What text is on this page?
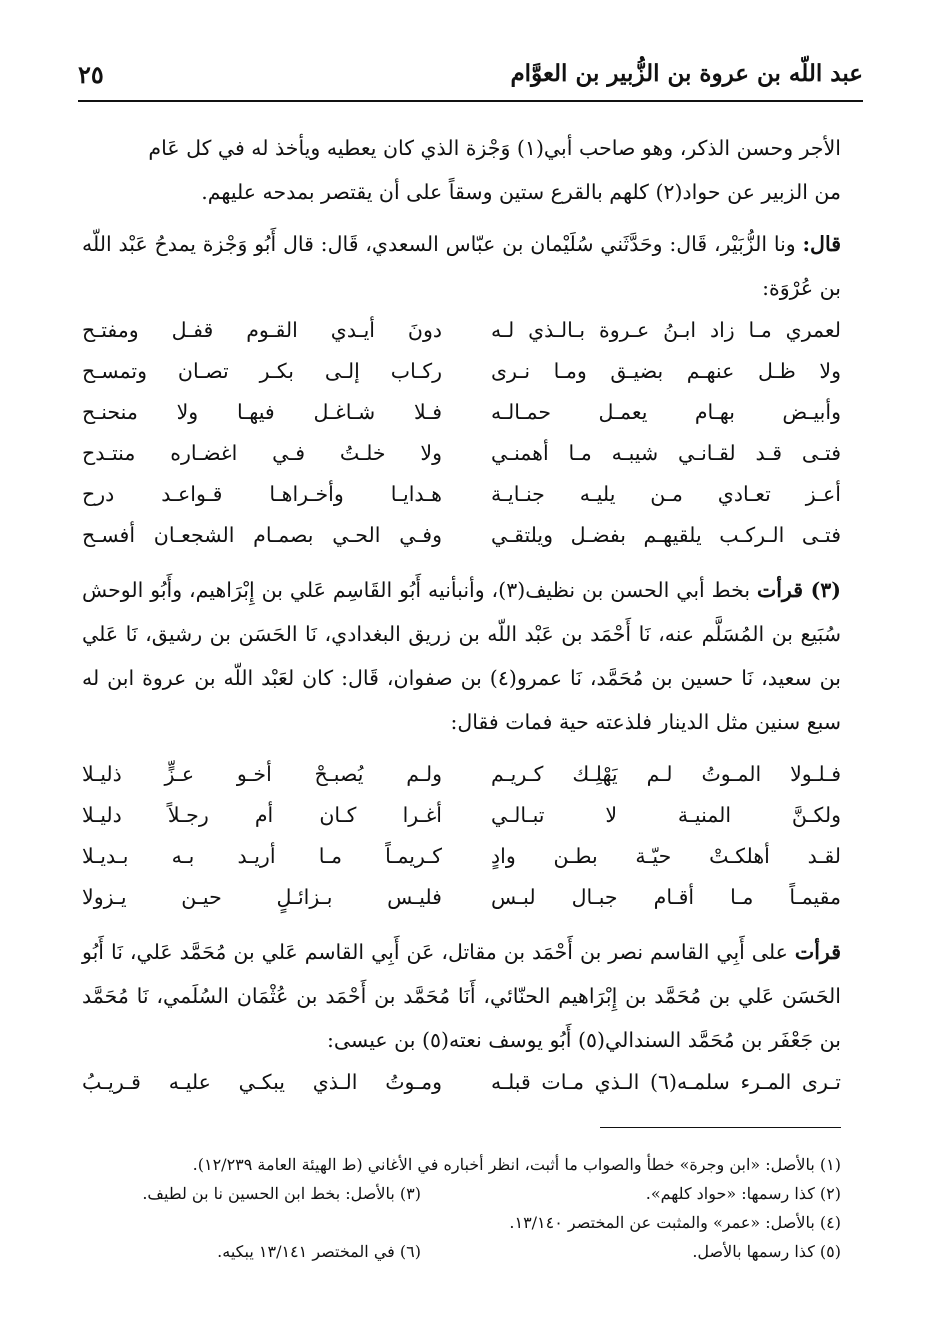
عبد اللّه بن عروة بن الزُّبير بن العوَّام
٢٥

الأجر وحسن الذكر، وهو صاحب أبي(١) وَجْزة الذي كان يعطيه ويأخذ له في كل عَام

من الزبير عن حواد(٢) كلهم بالقرع ستين وسقاً على أن يقتصر بمدحه عليهم.

قال: ونا الزُّبَيْر، قَال: وحَدَّثَني سُلَيْمان بن عبّاس السعدي، قَال: قال أَبُو وَجْزة يمدحُ عَبْد اللّه بن عُرْوَة:

لعمري مـا زاد ابـنُ عـروة بـالـذي لـه
دونَ أيـدي القـوم قفـل ومفتـح
ولا ظـل عنهـم بضيـق ومـا نـرى
ركـاب إلـى بكـر تصـان وتمسـح
وأبيـض بهـام يعمـل حمـالـه
فـلا شـاغـل فيهـا ولا منحنـح
فتـى قـد لقـانـي شيبـه مـا أهمنـي
ولا خلـتُ فـي اغضـاره منتـدح
أعـز تعـادي مـن يليـه جنـايـة
هـدايـا وأخـراهـا قـواعـد درح
فتـى الـركـب يلقيهـم بفضـل ويلتقـي
وفـي الحـي بصمـام الشجعـان أفسـح

(٣) قرأت بخط أبي الحسن بن نظيف(٣)، وأنبأنيه أَبُو القَاسِم عَلي بن إِبْرَاهيم، وأَبُو الوحش سُبَيع بن المُسَلَّم عنه، نَا أَحْمَد بن عَبْد اللّه بن زريق البغدادي، نَا الحَسَن بن رشيق، نَا عَلي بن سعيد، نَا حسين بن مُحَمَّد، نَا عمرو(٤) بن صفوان، قَال: كان لعَبْد اللّه بن عروة ابن له سبع سنين مثل الدينار فلذعته حية فمات فقال:

فـلـولا المـوتُ لـم يَهْلِـك كـريـم
ولـم يُصبـحْ أخـو عـزٍّ ذليـلا
ولكـنَّ المنيـة لا تبـالـي
أغـرا كـان أم رجـلاً دليـلا
لقـد أهلكـتْ حيّـة بطـن وادٍ
كـريمـاً مـا أريـد بـه بـديـلا
مقيمـاً مـا أقـام جبـال لبـس
فليـس بـزائـلٍ حيـن يـزولا

قرأت على أَبِي القاسم نصر بن أَحْمَد بن مقاتل، عَن أَبِي القاسم عَلي بن مُحَمَّد عَلي، نَا أَبُو الحَسَن عَلي بن مُحَمَّد بن إِبْرَاهيم الحنّائي، أَنَا مُحَمَّد بن أَحْمَد بن عُثْمَان السُلَمي، نَا مُحَمَّد بن جَعْفَر بن مُحَمَّد السندالي(٥) أَبُو يوسف نعته(٥) بن عيسى:

تـرى المـرء سلمـه(٦) الـذي مـات قبلـه
ومـوتُ الـذي يبكـي عليـه قـريـبُ
(١) بالأصل: «ابن وجرة» خطأ والصواب ما أثبت، انظر أخباره في الأغاني (ط الهيئة العامة ١٢/٢٣٩).
(٢) كذا رسمها: «حواد كلهم».
(٣) بالأصل: بخط ابن الحسين نا بن لطيف.
(٤) بالأصل: «عمر» والمثبت عن المختصر ١٣/١٤٠.
(٥) كذا رسمها بالأصل.
(٦) في المختصر ١٣/١٤١ يبكيه.
